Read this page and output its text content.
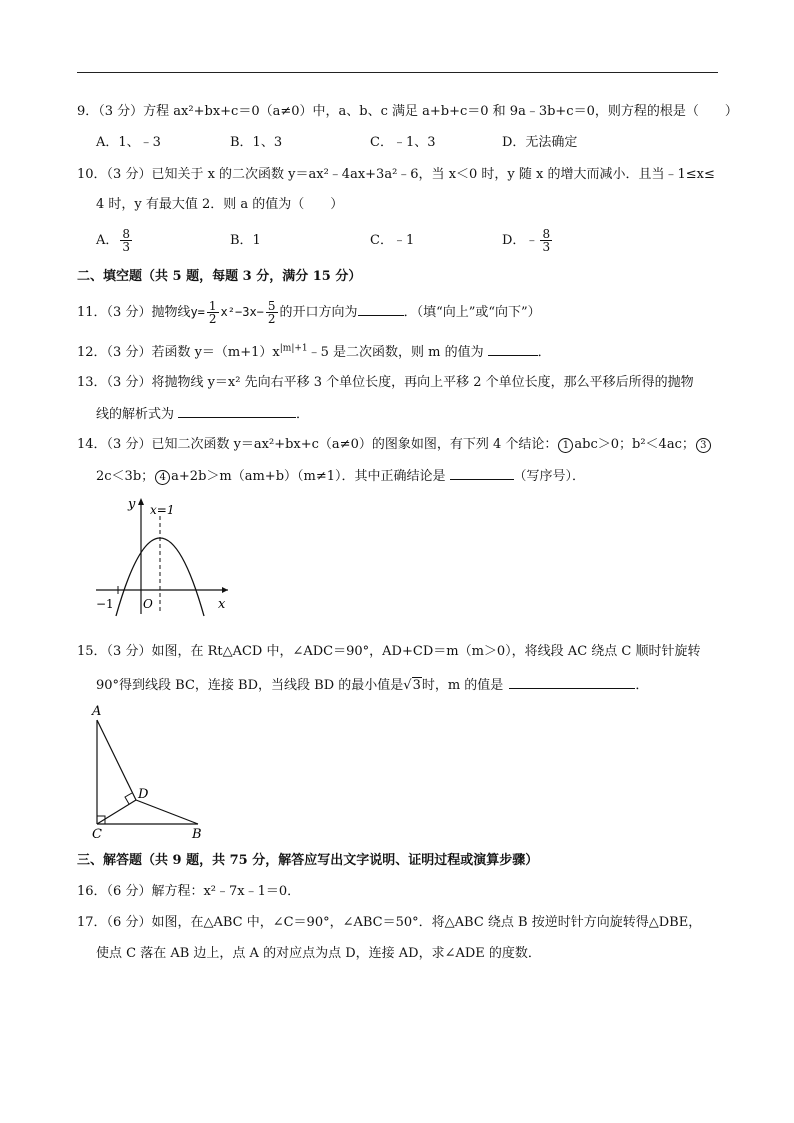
9．（3 分）方程 ax²+bx+c＝0（a≠0）中，a、b、c 满足 a+b+c＝0 和 9a﹣3b+c＝0，则方程的根是（　　）
A．1、﹣3	B．1、3	C．﹣1、3	D．无法确定
10．（3 分）已知关于 x 的二次函数 y＝ax²﹣4ax+3a²﹣6，当 x＜0 时，y 随 x 的增大而减小．且当﹣1≤x≤
4 时，y 有最大值 2．则 a 的值为（　　）
A． $\frac{8}{3}$	B．1	C．﹣1	D．﹣ $\frac{8}{3}$
二、填空题（共 5 题，每题 3 分，满分 15 分）
11．（3 分）抛物线$y= \frac{1}{2} x^2-3x- \frac{5}{2}$ 的开口方向为	．（填“向上”或“向下”）
12．（3 分）若函数 $y=(m+1)x^{|m|+1}﹣5$ 是二次函数，则 m 的值为	．
13．（3 分）将抛物线 y＝x² 先向右平移 3 个单位长度，再向上平移 2 个单位长度，那么平移后所得的抛物
线的解析式为	．
14．（3 分）已知二次函数 y＝ax²+bx+c（a≠0）的图象如图，有下列 4 个结论： 1 abc＞0；b²＜4ac； 3
2c＜3b； 4 a+2b＞m（am+b）（m≠1）．其中正确结论是	（写序号）．
y
x
x=1
−1 O
15．（3 分）如图，在 Rt△ACD 中，∠ADC＝90°，AD+CD＝m（m＞0），将线段 AC 绕点 C 顺时针旋转
90°得到线段 BC，连接 BD，当线段 BD 的最小值是√3时，m 的值是	．
A
D
C	B
三、解答题（共 9 题，共 75 分，解答应写出文字说明、证明过程或演算步骤）
16．（6 分）解方程：x²﹣7x﹣1＝0．
17．（6 分）如图，在△ABC 中，∠C＝90°，∠ABC＝50°．将△ABC 绕点 B 按逆时针方向旋转得△DBE，
使点 C 落在 AB 边上，点 A 的对应点为点 D，连接 AD，求∠ADE 的度数．
